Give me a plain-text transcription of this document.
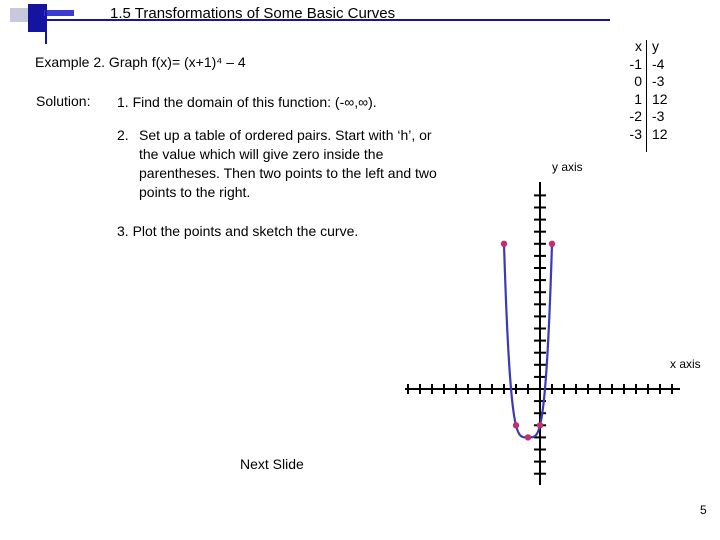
1.5 Transformations of Some Basic Curves
Example 2. Graph f(x)= (x+1)⁴ – 4
Solution: 1. Find the domain of this function: (-∞,∞).
2. Set up a table of ordered pairs. Start with ‘h’, or the value which will give zero inside the parentheses. Then two points to the left and two points to the right.
3. Plot the points and sketch the curve.
x
-1
0
1
-2
-3
y
-4
-3
12
-3
12
y axis
x axis
Next Slide
5
